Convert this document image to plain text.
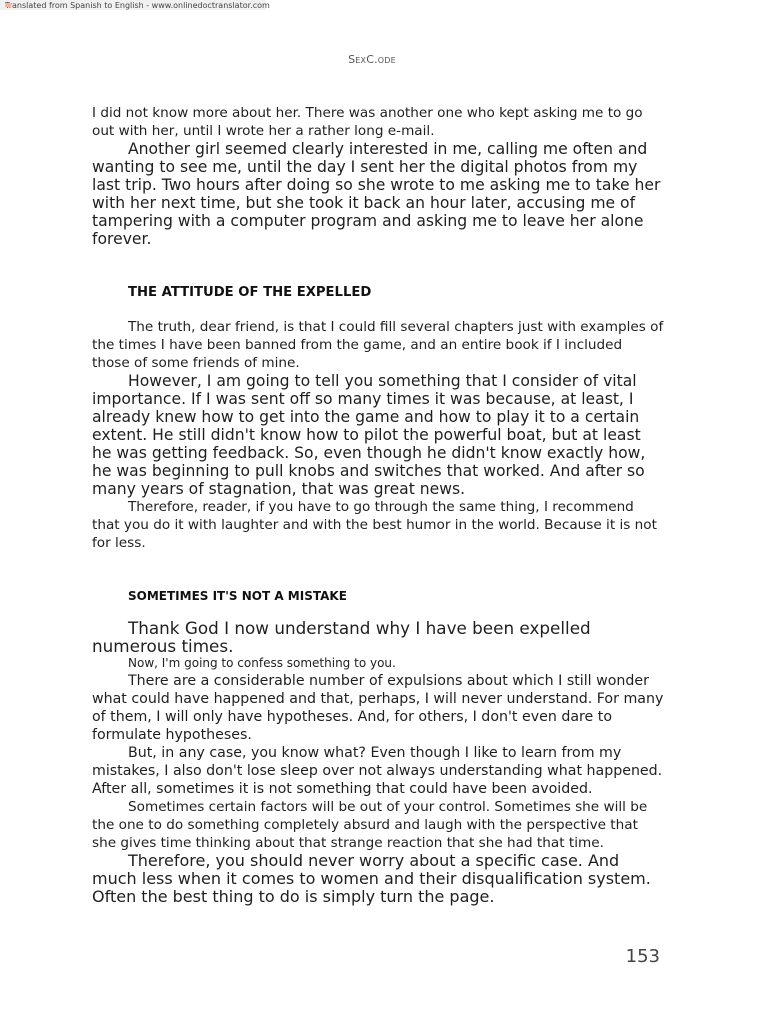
Translated from Spanish to English - www.onlinedoctranslator.com
SexC.ode

I did not know more about her. There was another one who kept asking me to go out with her, until I wrote her a rather long e-mail.

Another girl seemed clearly interested in me, calling me often and wanting to see me, until the day I sent her the digital photos from my last trip. Two hours after doing so she wrote to me asking me to take her with her next time, but she took it back an hour later, accusing me of tampering with a computer program and asking me to leave her alone forever.

THE ATTITUDE OF THE EXPELLED

The truth, dear friend, is that I could fill several chapters just with examples of the times I have been banned from the game, and an entire book if I included those of some friends of mine.

However, I am going to tell you something that I consider of vital importance. If I was sent off so many times it was because, at least, I already knew how to get into the game and how to play it to a certain extent. He still didn't know how to pilot the powerful boat, but at least he was getting feedback. So, even though he didn't know exactly how, he was beginning to pull knobs and switches that worked. And after so many years of stagnation, that was great news.

Therefore, reader, if you have to go through the same thing, I recommend that you do it with laughter and with the best humor in the world. Because it is not for less.

SOMETIMES IT'S NOT A MISTAKE

Thank God I now understand why I have been expelled numerous times.

Now, I'm going to confess something to you.

There are a considerable number of expulsions about which I still wonder what could have happened and that, perhaps, I will never understand. For many of them, I will only have hypotheses. And, for others, I don't even dare to formulate hypotheses.

But, in any case, you know what? Even though I like to learn from my mistakes, I also don't lose sleep over not always understanding what happened. After all, sometimes it is not something that could have been avoided.

Sometimes certain factors will be out of your control. Sometimes she will be the one to do something completely absurd and laugh with the perspective that she gives time thinking about that strange reaction that she had that time.

Therefore, you should never worry about a specific case. And much less when it comes to women and their disqualification system. Often the best thing to do is simply turn the page.

153
